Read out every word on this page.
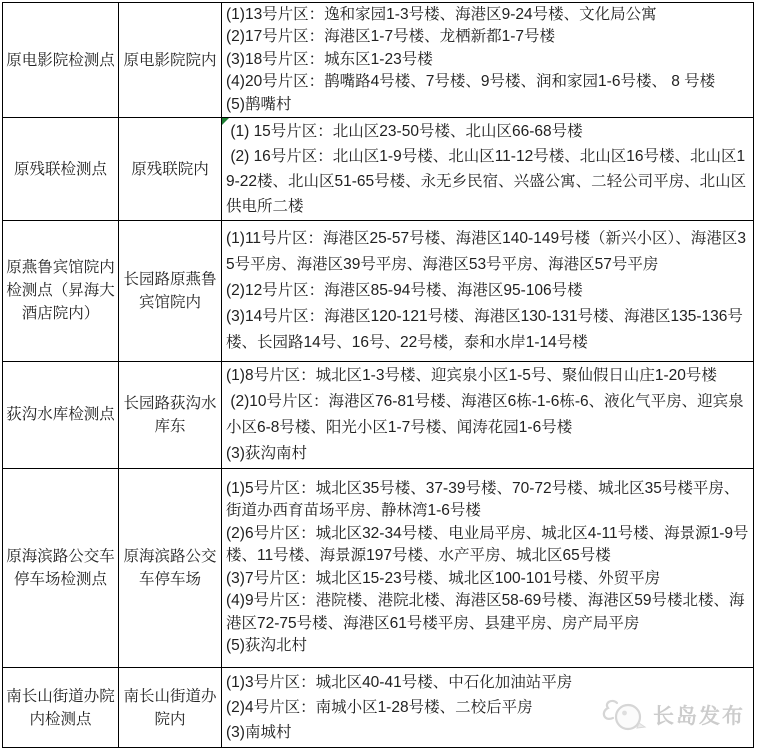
原电影院检测点 原电影院院内
(1)13号片区：逸和家园1-3号楼、海港区9-24号楼、文化局公寓
(2)17号片区：海港区1-7号楼、龙栖新都1-7号楼
(3)18号片区：城东区1-23号楼
(4)20号片区：鹊嘴路4号楼、7号楼、9号楼、润和家园1-6号楼、 8 号楼
(5)鹊嘴村
原残联检测点 原残联院内
(1) 15号片区：北山区23-50号楼、北山区66-68号楼
(2) 16号片区：北山区1-9号楼、北山区11-12号楼、北山区16号楼、北山区19-22楼、北山区51-65号楼、永无乡民宿、兴盛公寓、二轻公司平房、北山区供电所二楼
原燕鲁宾馆院内检测点（昇海大酒店院内）
长园路原燕鲁宾馆院内
(1)11号片区：海港区25-57号楼、海港区140-149号楼（新兴小区）、海港区35号平房、海港区39号平房、海港区53号平房、海港区57号平房
(2)12号片区：海港区85-94号楼、海港区95-106号楼
(3)14号片区：海港区120-121号楼、海港区130-131号楼、海港区135-136号楼、长园路14号、16号、22号楼，泰和水岸1-14号楼
荻沟水库检测点
长园路荻沟水库东
(1)8号片区：城北区1-3号楼、迎宾泉小区1-5号、聚仙假日山庄1-20号楼
(2)10号片区：海港区76-81号楼、海港区6栋-1-6栋-6、液化气平房、迎宾泉小区6-8号楼、阳光小区1-7号楼、闻涛花园1-6号楼
(3)荻沟南村
原海滨路公交车停车场检测点
原海滨路公交车停车场
(1)5号片区：城北区35号楼、37-39号楼、70-72号楼、城北区35号楼平房、街道办西育苗场平房、静林湾1-6号楼
(2)6号片区：城北区32-34号楼、电业局平房、城北区4-11号楼、海景源1-9号楼、11号楼、海景源197号楼、水产平房、城北区65号楼
(3)7号片区：城北区15-23号楼、城北区100-101号楼、外贸平房
(4)9号片区：港院楼、港院北楼、海港区58-69号楼、海港区59号楼北楼、海港区72-75号楼、海港区61号楼平房、县建平房、房产局平房
(5)荻沟北村
南长山街道办院内检测点
南长山街道办院内
(1)3号片区：城北区40-41号楼、中石化加油站平房
(2)4号片区：南城小区1-28号楼、二校后平房
(3)南城村
长岛发布
